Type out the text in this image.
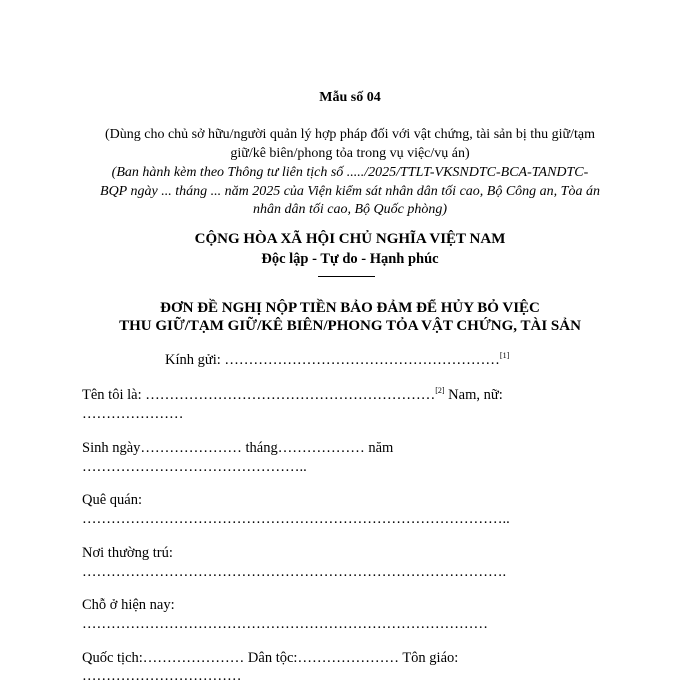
Mẫu số 04
(Dùng cho chủ sở hữu/người quản lý hợp pháp đối với vật chứng, tài sản bị thu giữ/tạm
giữ/kê biên/phong tỏa trong vụ việc/vụ án)
(Ban hành kèm theo Thông tư liên tịch số ...../2025/TTLT-VKSNDTC-BCA-TANDTC-
BQP ngày ... tháng ... năm 2025 của Viện kiểm sát nhân dân tối cao, Bộ Công an, Tòa án
nhân dân tối cao, Bộ Quốc phòng)
CỘNG HÒA XÃ HỘI CHỦ NGHĨA VIỆT NAM
Độc lập - Tự do - Hạnh phúc
ĐƠN ĐỀ NGHỊ NỘP TIỀN BẢO ĐẢM ĐỂ HỦY BỎ VIỆC
THU GIỮ/TẠM GIỮ/KÊ BIÊN/PHONG TỎA VẬT CHỨNG, TÀI SẢN
Kính gửi: …………………………………………………[1]
Tên tôi là: ……………………………………………………[2] Nam, nữ:
…………………
Sinh ngày………………… tháng……………… năm
………………………………………..
Quê quán:
……………………………………………………………………………..
Nơi thường trú:
…………………………………………………………………………….
Chỗ ở hiện nay:
…………………………………………………………………………
Quốc tịch:………………… Dân tộc:………………… Tôn giáo:
……………………………
